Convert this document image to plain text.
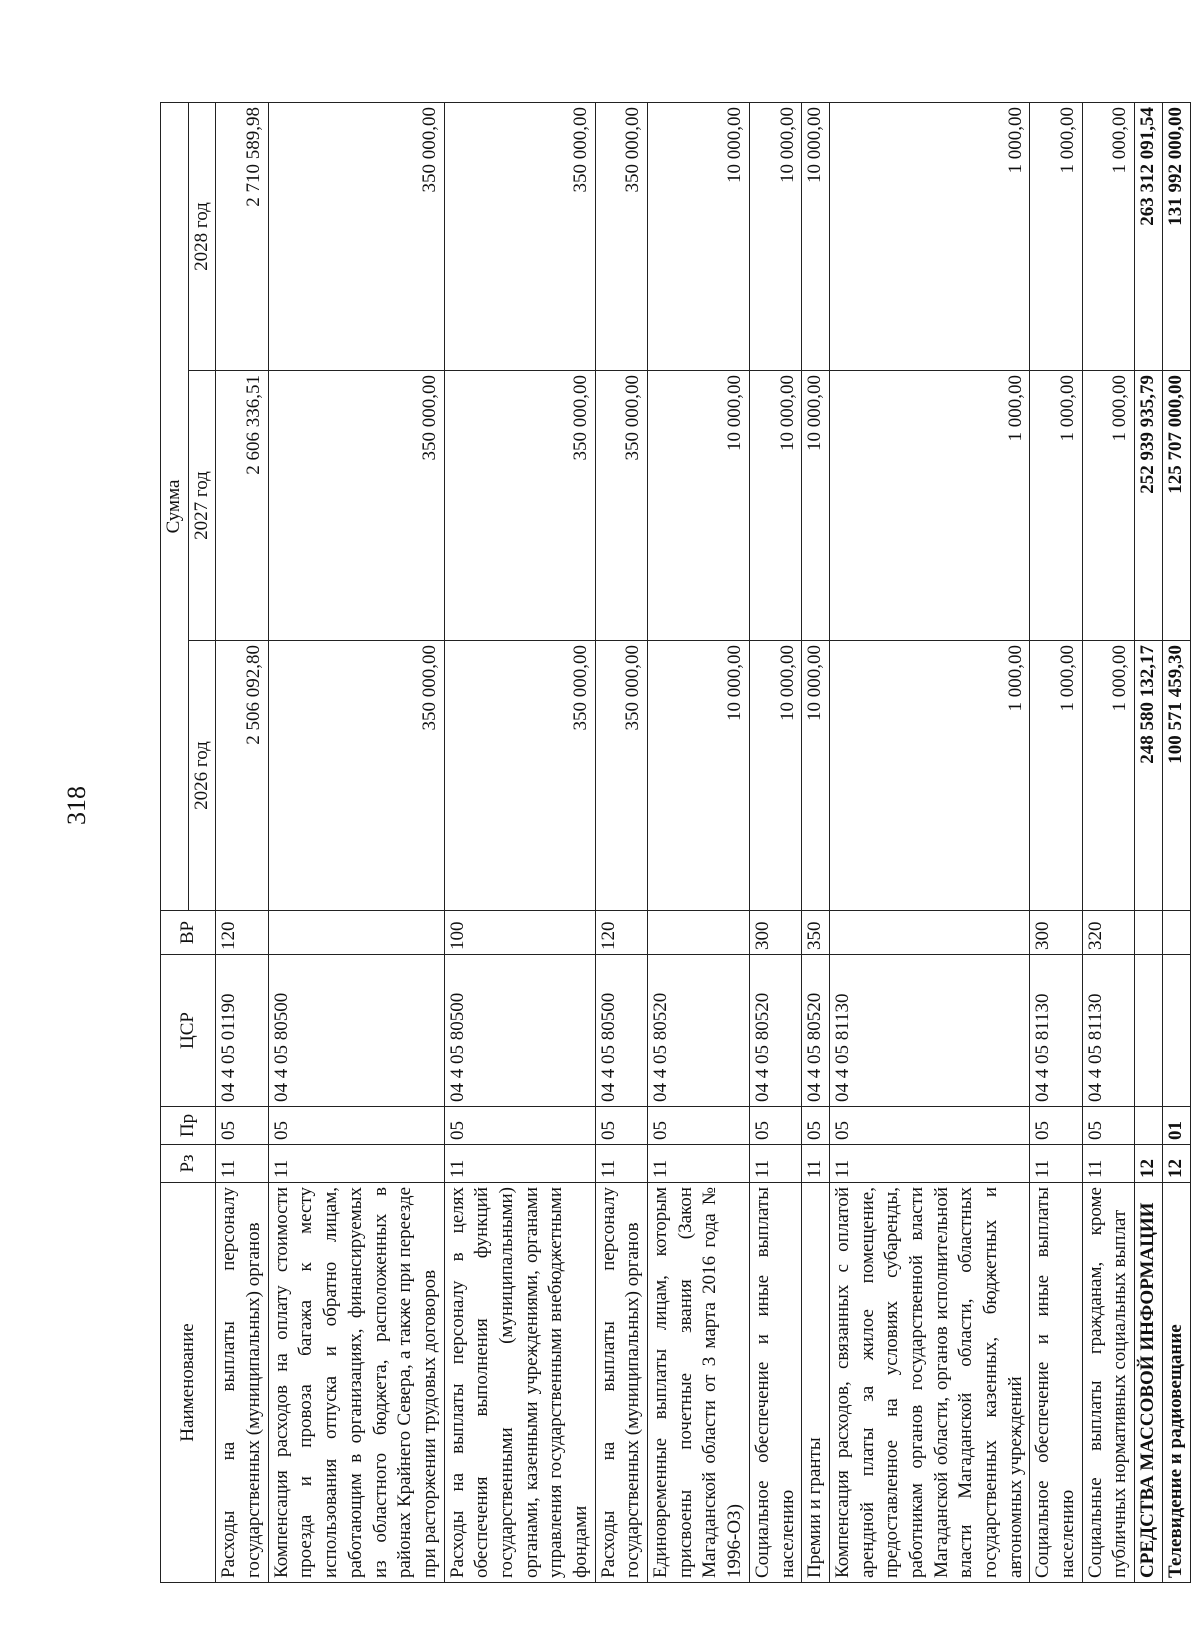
318
Наименование	Рз	Пр	ЦСР	ВР	Сумма		
					2026 год	2027 год	2028 год
Расходы на выплаты персоналу государственных (муниципальных) органов	11	05	04 4 05 01190	120	2 506 092,80	2 606 336,51	2 710 589,98
Компенсация расходов на оплату стоимости проезда и провоза багажа к месту использования отпуска и обратно лицам, работающим в организациях, финансируемых из областного бюджета, расположенных в районах Крайнего Севера, а также при переезде при расторжении трудовых договоров	11	05	04 4 05 80500		350 000,00	350 000,00	350 000,00
Расходы на выплаты персоналу в целях обеспечения выполнения функций государственными (муниципальными) органами, казенными учреждениями, органами управления государственными внебюджетными фондами	11	05	04 4 05 80500	100	350 000,00	350 000,00	350 000,00
Расходы на выплаты персоналу государственных (муниципальных) органов	11	05	04 4 05 80500	120	350 000,00	350 000,00	350 000,00
Единовременные выплаты лицам, которым присвоены почетные звания (Закон Магаданской области от 3 марта 2016 года № 1996-ОЗ)	11	05	04 4 05 80520		10 000,00	10 000,00	10 000,00
Социальное обеспечение и иные выплаты населению	11	05	04 4 05 80520	300	10 000,00	10 000,00	10 000,00
Премии и гранты	11	05	04 4 05 80520	350	10 000,00	10 000,00	10 000,00
Компенсация расходов, связанных с оплатой арендной платы за жилое помещение, предоставленное на условиях субаренды, работникам органов государственной власти Магаданской области, органов исполнительной власти Магаданской области, областных государственных казенных, бюджетных и автономных учреждений	11	05	04 4 05 81130		1 000,00	1 000,00	1 000,00
Социальное обеспечение и иные выплаты населению	11	05	04 4 05 81130	300	1 000,00	1 000,00	1 000,00
Социальные выплаты гражданам, кроме публичных нормативных социальных выплат	11	05	04 4 05 81130	320	1 000,00	1 000,00	1 000,00
СРЕДСТВА МАССОВОЙ ИНФОРМАЦИИ	12				248 580 132,17	252 939 935,79	263 312 091,54
Телевидение и радиовещание	12	01			100 571 459,30	125 707 000,00	131 992 000,00
